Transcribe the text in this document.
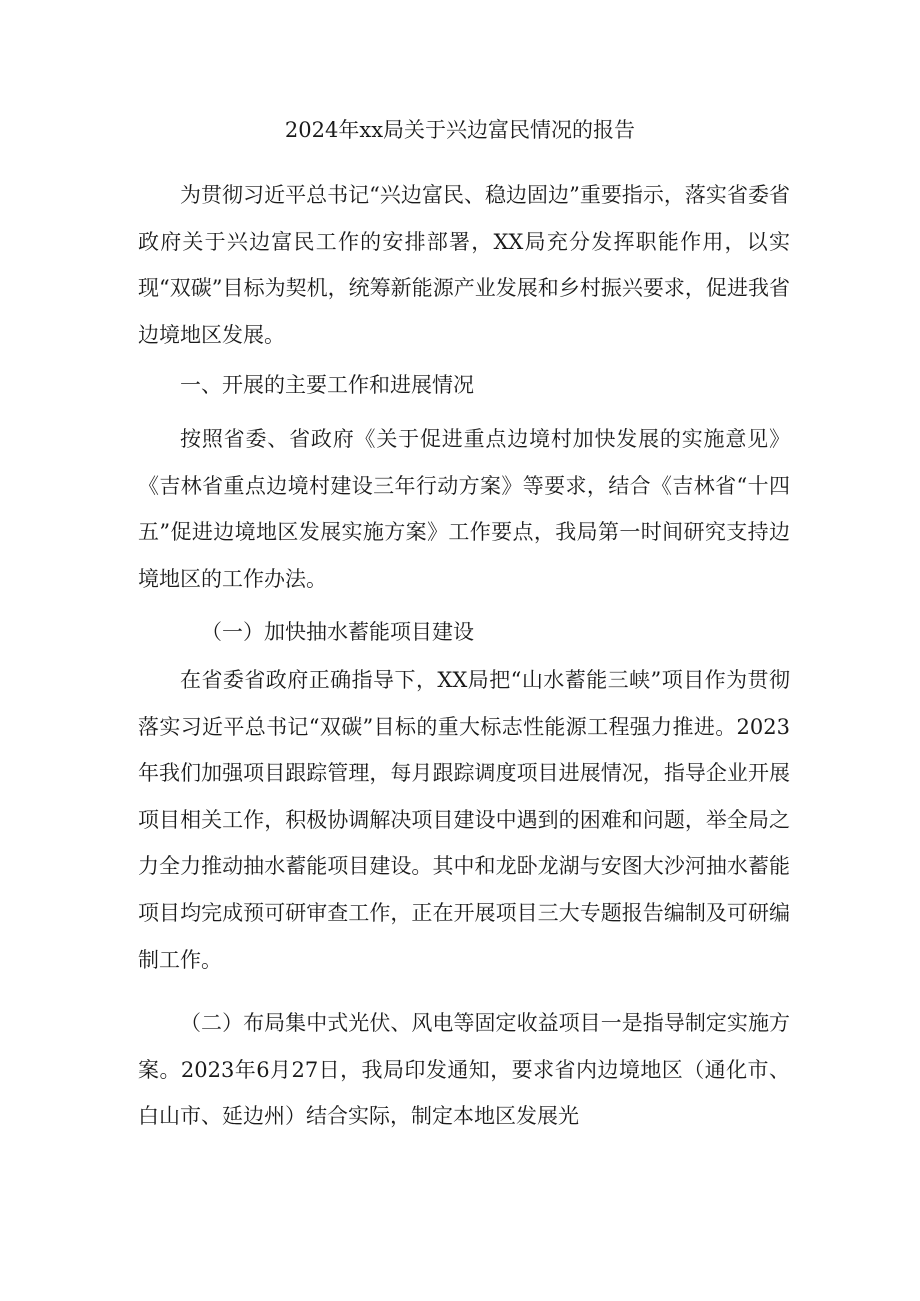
2024年xx局关于兴边富民情况的报告

为贯彻习近平总书记“兴边富民、稳边固边”重要指示，落实省委省政府关于兴边富民工作的安排部署，XX局充分发挥职能作用，以实现“双碳”目标为契机，统筹新能源产业发展和乡村振兴要求，促进我省边境地区发展。

一、开展的主要工作和进展情况

按照省委、省政府《关于促进重点边境村加快发展的实施意见》《吉林省重点边境村建设三年行动方案》等要求，结合《吉林省“十四五”促进边境地区发展实施方案》工作要点，我局第一时间研究支持边境地区的工作办法。

（一）加快抽水蓄能项目建设

在省委省政府正确指导下，XX局把“山水蓄能三峡”项目作为贯彻落实习近平总书记“双碳”目标的重大标志性能源工程强力推进。2023年我们加强项目跟踪管理，每月跟踪调度项目进展情况，指导企业开展项目相关工作，积极协调解决项目建设中遇到的困难和问题，举全局之力全力推动抽水蓄能项目建设。其中和龙卧龙湖与安图大沙河抽水蓄能项目均完成预可研审查工作，正在开展项目三大专题报告编制及可研编制工作。

（二）布局集中式光伏、风电等固定收益项目一是指导制定实施方案。2023年6月27日，我局印发通知，要求省内边境地区（通化市、白山市、延边州）结合实际，制定本地区发展光
